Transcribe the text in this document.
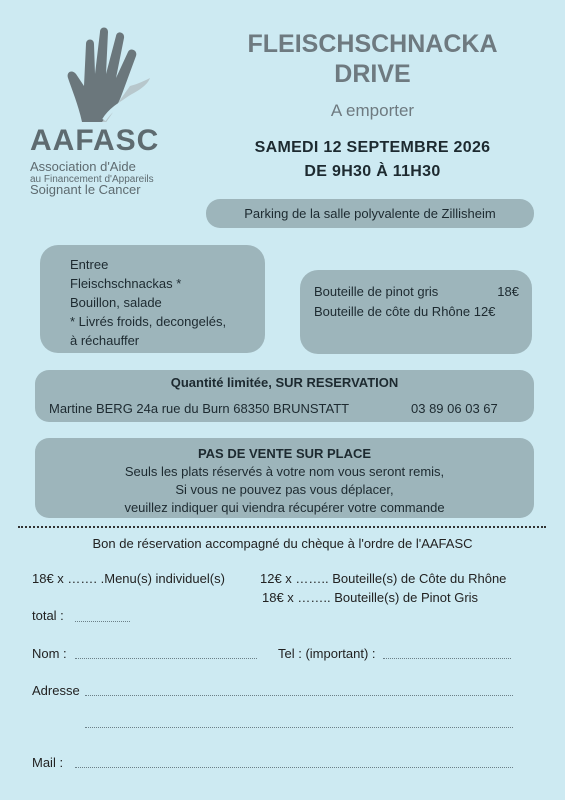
AAFASC
Association d'Aide
au Financement d'Appareils
Soignant le Cancer
FLEISCHSCHNACKA
DRIVE
A emporter
SAMEDI 12 SEPTEMBRE 2026
DE 9H30 À 11H30
Parking de la salle polyvalente de Zillisheim
Entree
Fleischschnackas *
Bouillon, salade
* Livrés froids, decongelés,
à réchauffer
Bouteille de pinot gris	18€
Bouteille de côte du Rhône 12€
Quantité limitée, SUR RESERVATION
Martine BERG 24a rue du Burn 68350 BRUNSTATT	03 89 06 03 67
PAS DE VENTE SUR PLACE
Seuls les plats réservés à votre nom vous seront remis,
Si vous ne pouvez pas vous déplacer,
veuillez indiquer qui viendra récupérer votre commande
Bon de réservation accompagné du chèque à l'ordre de l'AAFASC
18€ x ……. .Menu(s) individuel(s)	12€ x …….. Bouteille(s) de Côte du Rhône
18€ x …….. Bouteille(s) de Pinot Gris
total :
Nom :	Tel : (important) :
Adresse
Mail :
